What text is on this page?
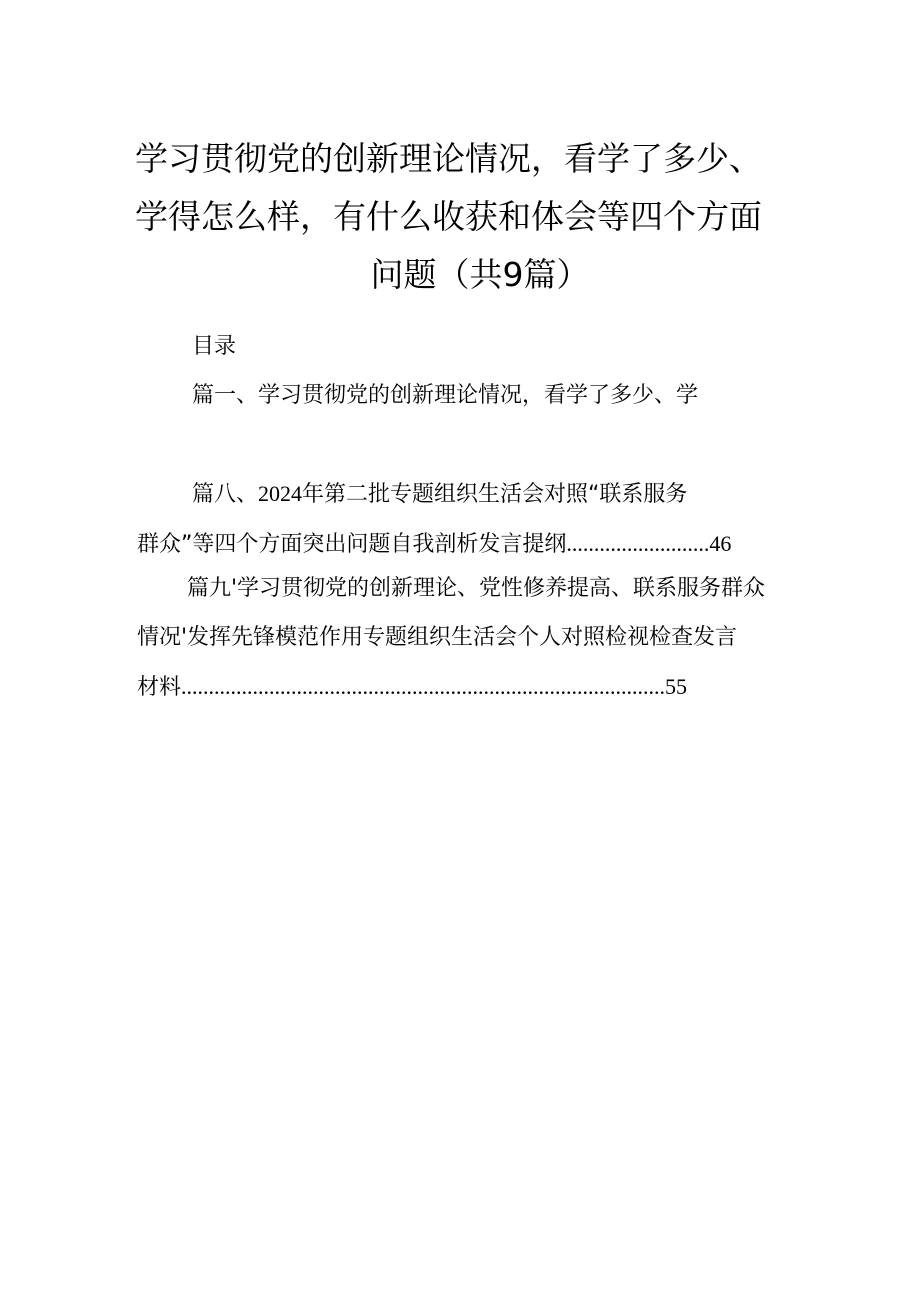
学习贯彻党的创新理论情况，看学了多少、
学得怎么样，有什么收获和体会等四个方面
问题（共9篇）
目录
篇一、学习贯彻党的创新理论情况，看学了多少、学
篇八、2024年第二批专题组织生活会对照“联系服务
群众”等四个方面突出问题自我剖析发言提纲..........................46
篇九'学习贯彻党的创新理论、党性修养提高、联系服务群众
情况'发挥先锋模范作用专题组织生活会个人对照检视检查发言
材料........................................................................................55
